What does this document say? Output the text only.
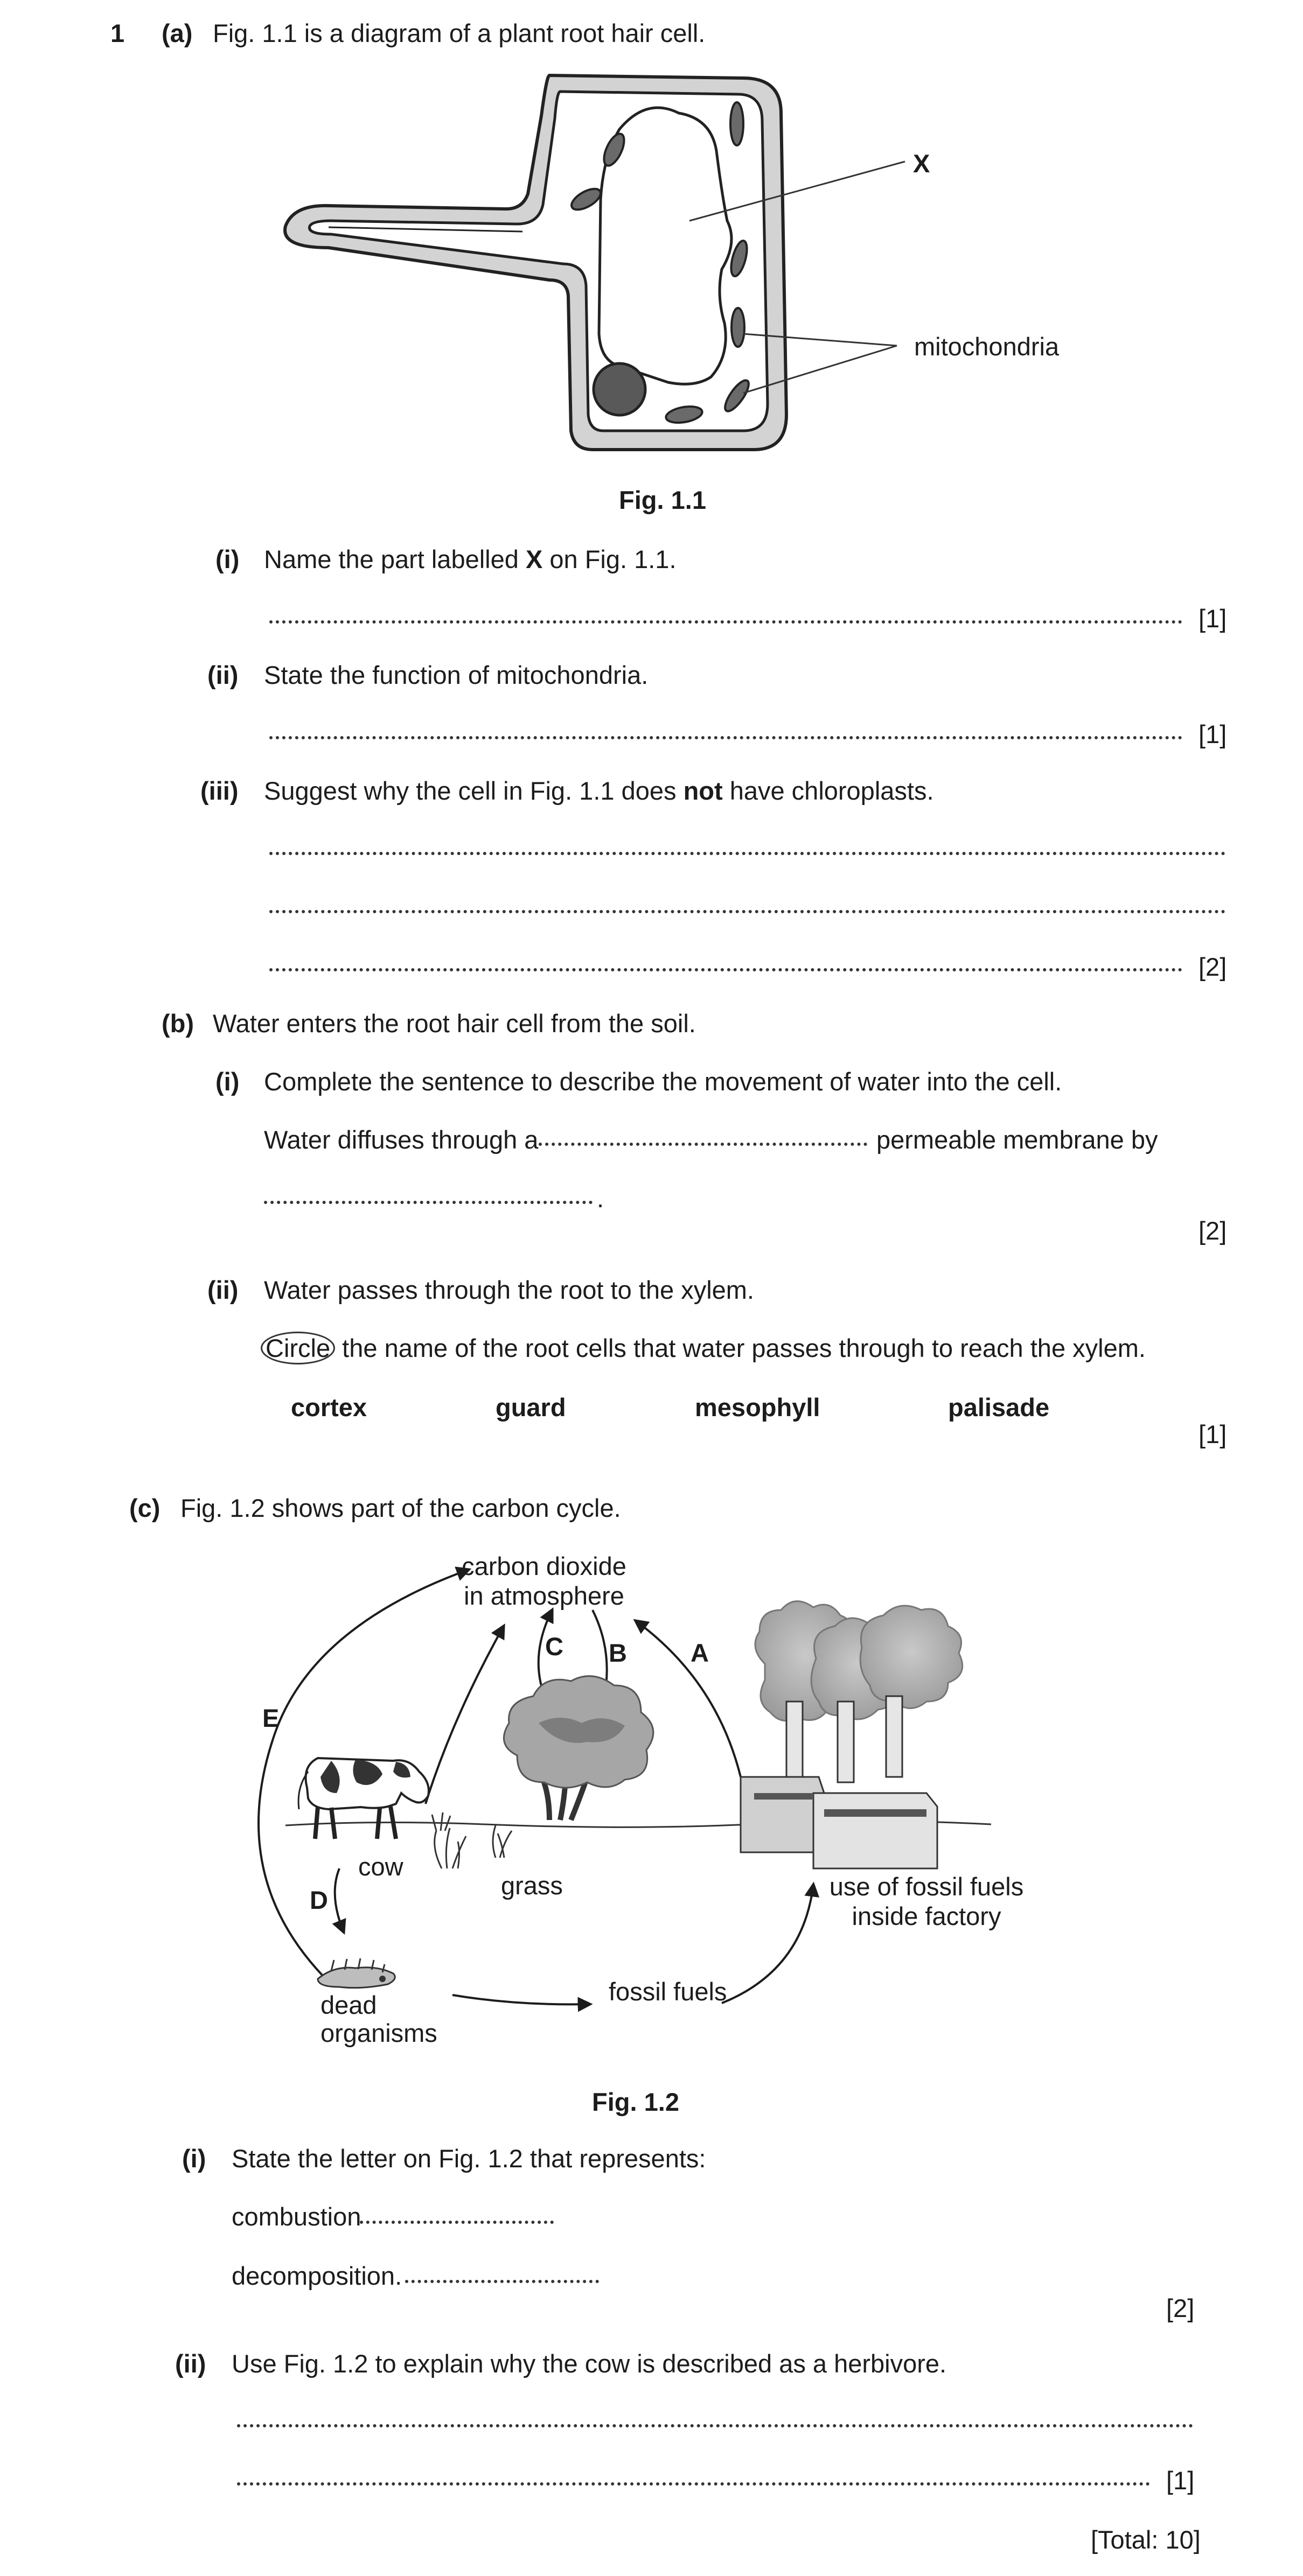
1 (a) Fig. 1.1 is a diagram of a plant root hair cell.
X
mitochondria
Fig. 1.1
(i) Name the part labelled X on Fig. 1.1.
[1]
(ii) State the function of mitochondria.
[1]
(iii) Suggest why the cell in Fig. 1.1 does not have chloroplasts.
[2]
(b) Water enters the root hair cell from the soil.
(i) Complete the sentence to describe the movement of water into the cell.
Water diffuses through a	permeable membrane by
.
[2]
(ii) Water passes through the root to the xylem.
Circle the name of the root cells that water passes through to reach the xylem.
cortex	guard	mesophyll	palisade
[1]
(c) Fig. 1.2 shows part of the carbon cycle.
carbon dioxide
in atmosphere
C B	A
E
cow
grass	use of fossil fuels
inside factory
D
dead
organisms
fossil fuels
Fig. 1.2
(i) State the letter on Fig. 1.2 that represents:
combustion
decomposition.
[2]
(ii) Use Fig. 1.2 to explain why the cow is described as a herbivore.
[1]
[Total: 10]
